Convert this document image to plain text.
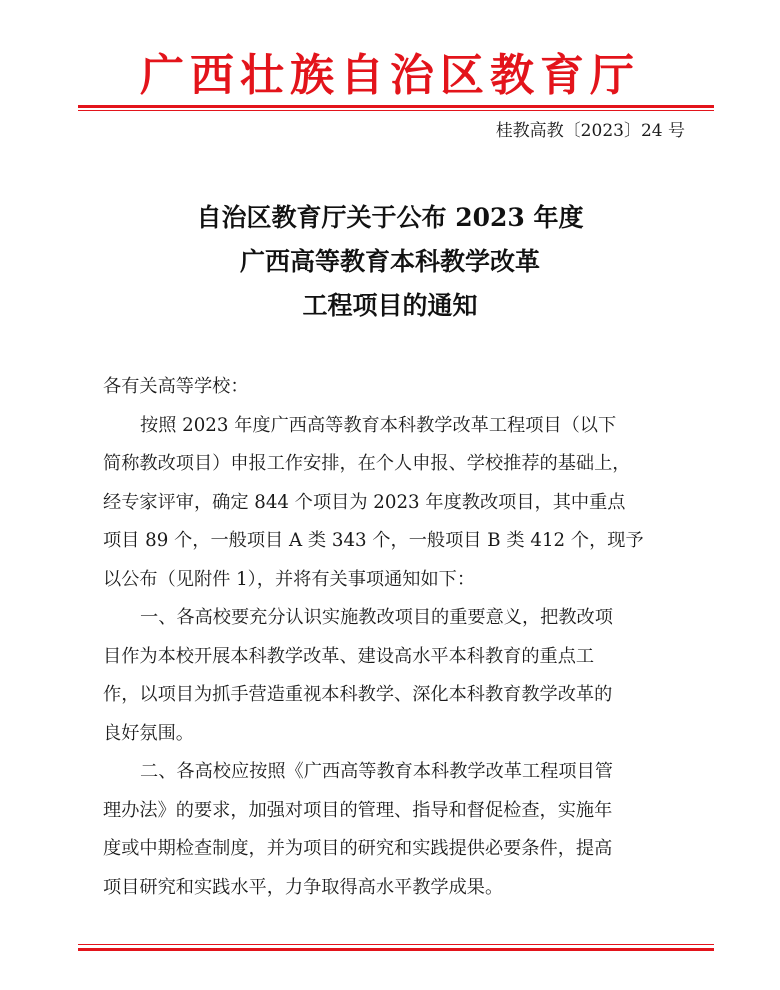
广西壮族自治区教育厅
桂教高教〔2023〕24 号
自治区教育厅关于公布 2023 年度
广西高等教育本科教学改革
工程项目的通知

各有关高等学校：

按照 2023 年度广西高等教育本科教学改革工程项目（以下

简称教改项目）申报工作安排，在个人申报、学校推荐的基础上，

经专家评审，确定 844 个项目为 2023 年度教改项目，其中重点

项目 89 个，一般项目 A 类 343 个，一般项目 B 类 412 个，现予

以公布（见附件 1），并将有关事项通知如下：

一、各高校要充分认识实施教改项目的重要意义，把教改项

目作为本校开展本科教学改革、建设高水平本科教育的重点工

作，以项目为抓手营造重视本科教学、深化本科教育教学改革的

良好氛围。

二、各高校应按照《广西高等教育本科教学改革工程项目管

理办法》的要求，加强对项目的管理、指导和督促检查，实施年

度或中期检查制度，并为项目的研究和实践提供必要条件，提高

项目研究和实践水平，力争取得高水平教学成果。
